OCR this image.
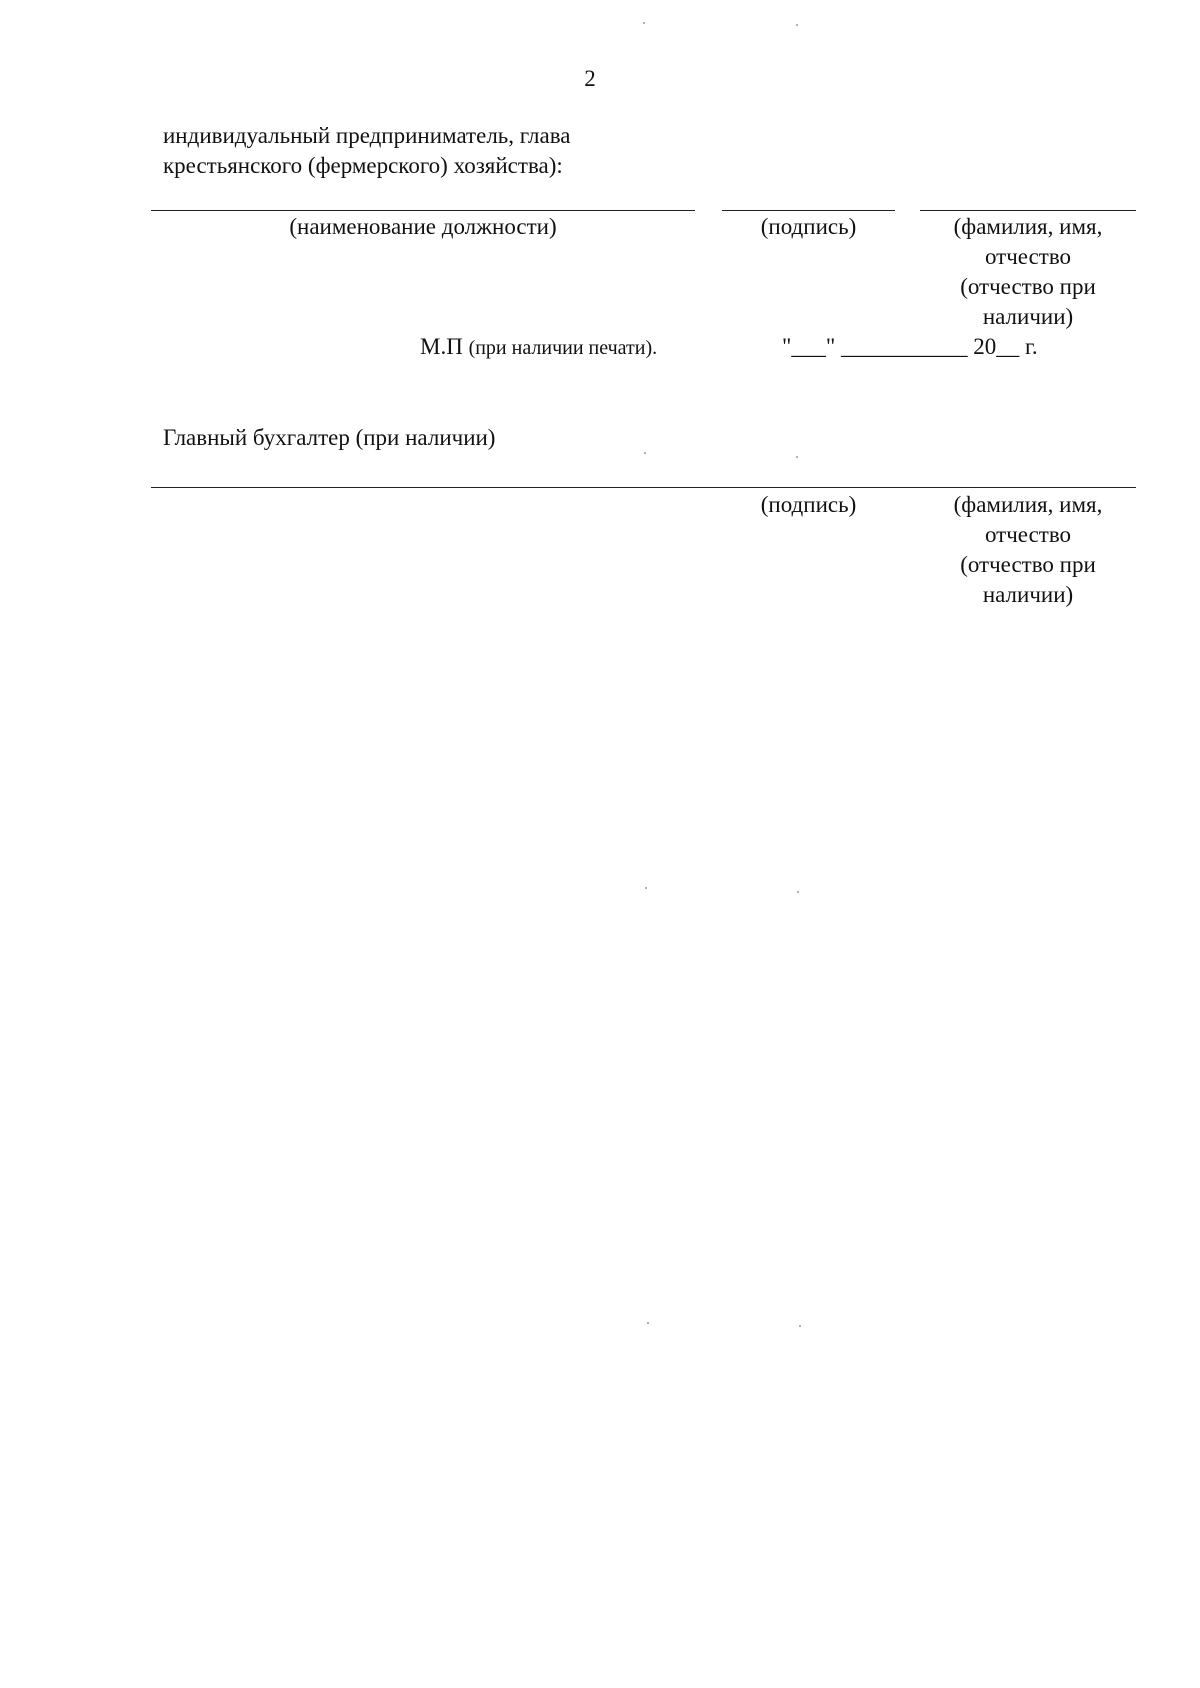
2
индивидуальный предприниматель, глава
крестьянского (фермерского) хозяйства):
(наименование должности)	(подпись)	(фамилия, имя,
отчество
(отчество при
наличии)
М.П (при наличии печати).	"___" ___________ 20__ г.
Главный бухгалтер (при наличии)
(подпись)	(фамилия, имя,
отчество
(отчество при
наличии)
